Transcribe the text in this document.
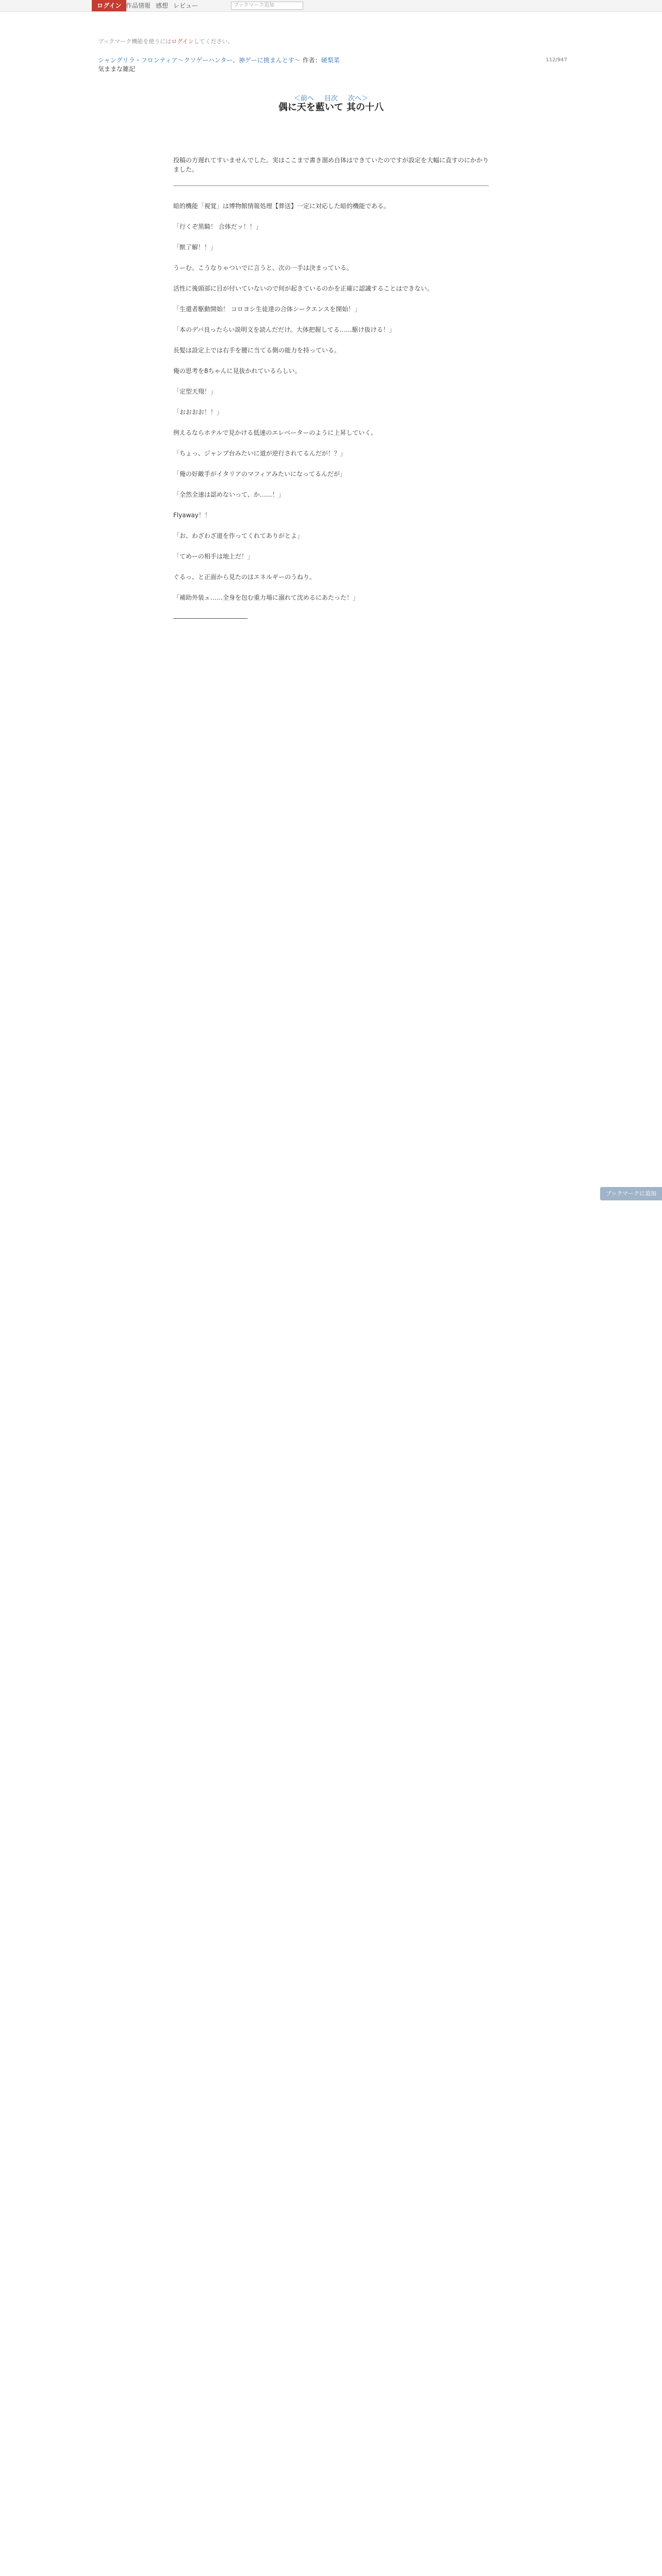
ログイン 作品情報 感想 レビュー	ブックマーク追加
ブックマーク機能を使うにはログインしてください。
シャングリラ・フロンティア〜クソゲーハンター、神ゲーに挑まんとす〜 作者：硬梨菜
気ままな雑記
112/947
＜前へ 目次 次へ＞
偶に天を藍いて 其の十八

投稿の方遅れてすいませんでした。実はここまで書き溜め自体はできていたのですが設定を大幅に直すのにかかりました。

暗的機能「視覚」は博物館情報処理【葬送】一定に対応した暗的機能である。

「行くぞ黒騎！ 合体だッ！！」

「獣了解！！」

うーむ。こうなりゃついでに言うと、次の一手は決まっている。

活性に後頭部に目が付いていないので何が起きているのかを正確に認識することはできない。

「生還者駆動開始！ コロヨシ生徒達の合体シークエンスを開始！」

「本のデバ良ったらい説明文を読んだだけ。大体把握してる……駆け抜ける！」

長髪は設定上では右手を腰に当てる側の能力を持っている。

俺の思考を8ちゃんに見抜かれているらしい。

「定型天翔！」

「おおおお！！」

例えるならホテルで見かける低速のエレベーターのように上昇していく。

「ちょっ、ジャンプ台みたいに道が逆行されてるんだが！？」

「俺の好敵手がイタリアのマフィアみたいになってるんだが」

「全然全速は認めないって、か……！」

Flyaway！！

「お、わざわざ道を作ってくれてありがとよ」

「てめーの相手は地上だ！」

ぐるっ、と正面から見たのはエネルギーのうねり。

「補助外装ェ……全身を包む重力場に溺れて沈めるにあたった！」

――――――――――――

ブックマークに追加
